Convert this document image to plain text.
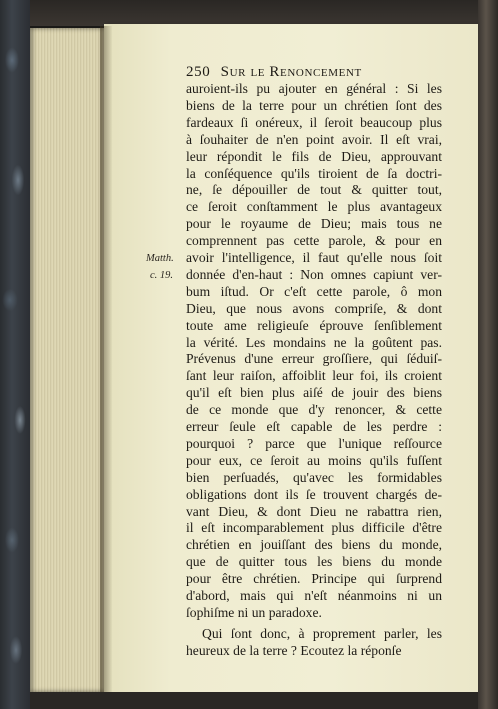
250 Sur le Renoncement
Matth.
c. 19.
auroient-ils pu ajouter en général : Si les
biens de la terre pour un chrétien ſont des
fardeaux ſi onéreux, il ſeroit beaucoup plus
à ſouhaiter de n'en point avoir. Il eſt vrai,
leur répondit le fils de Dieu, approuvant
la conſéquence qu'ils tiroient de ſa doctri-
ne, ſe dépouiller de tout & quitter tout,
ce ſeroit conſtamment le plus avantageux
pour le royaume de Dieu; mais tous ne
comprennent pas cette parole, & pour en
avoir l'intelligence, il faut qu'elle nous ſoit
donnée d'en-haut : Non omnes capiunt ver-
bum iſtud. Or c'eſt cette parole, ô mon
Dieu, que nous avons compriſe, & dont
toute ame religieuſe éprouve ſenſiblement
la vérité. Les mondains ne la goûtent pas.
Prévenus d'une erreur groſſiere, qui ſéduiſ-
ſant leur raiſon, affoiblit leur foi, ils croient
qu'il eſt bien plus aiſé de jouir des biens
de ce monde que d'y renoncer, & cette
erreur ſeule eſt capable de les perdre :
pourquoi ? parce que l'unique reſſource
pour eux, ce ſeroit au moins qu'ils fuſſent
bien perſuadés, qu'avec les formidables
obligations dont ils ſe trouvent chargés de-
vant Dieu, & dont Dieu ne rabattra rien,
il eſt incomparablement plus difficile d'être
chrétien en jouiſſant des biens du monde,
que de quitter tous les biens du monde
pour être chrétien. Principe qui ſurprend
d'abord, mais qui n'eſt néanmoins ni un
ſophiſme ni un paradoxe.
Qui ſont donc, à proprement parler, les
heureux de la terre ? Ecoutez la réponſe
